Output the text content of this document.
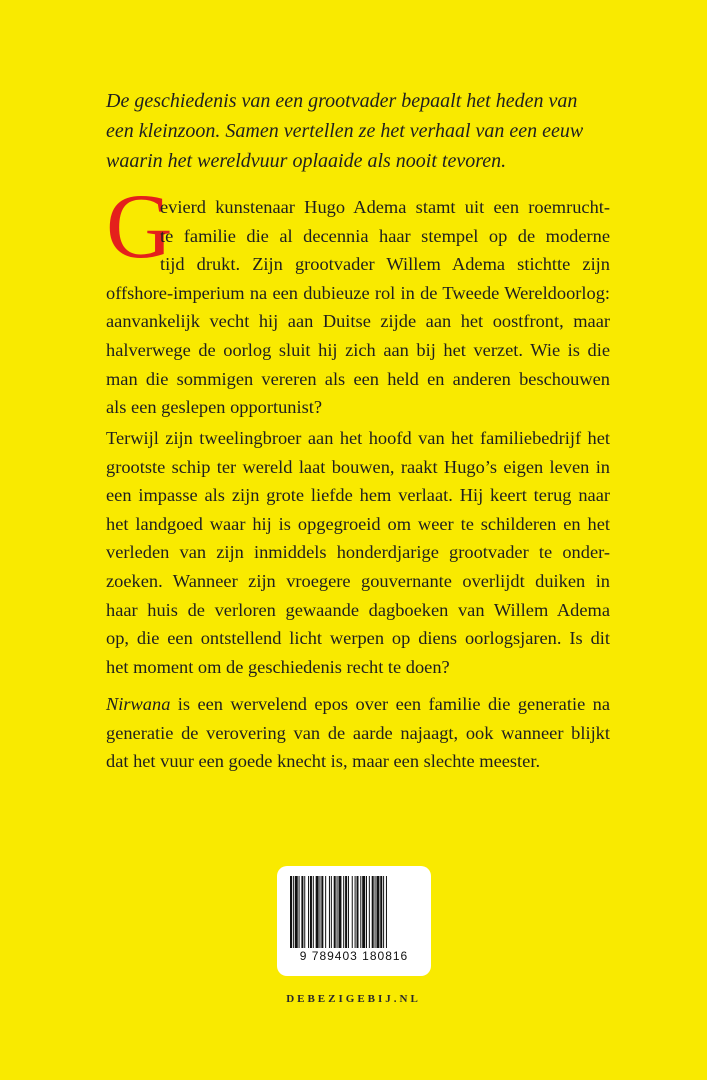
De geschiedenis van een grootvader bepaalt het heden van
een kleinzoon. Samen vertellen ze het verhaal van een eeuw
waarin het wereldvuur oplaaide als nooit tevoren.

G

evierd kunstenaar Hugo Adema stamt uit een roemrucht-
te familie die al decennia haar stempel op de moderne
tijd drukt. Zijn grootvader Willem Adema stichtte zijn
offshore-imperium na een dubieuze rol in de Tweede Wereldoorlog:
aanvankelijk vecht hij aan Duitse zijde aan het oostfront, maar
halverwege de oorlog sluit hij zich aan bij het verzet. Wie is die
man die sommigen vereren als een held en anderen beschouwen
als een geslepen opportunist?

Terwijl zijn tweelingbroer aan het hoofd van het familiebedrijf het
grootste schip ter wereld laat bouwen, raakt Hugo’s eigen leven in
een impasse als zijn grote liefde hem verlaat. Hij keert terug naar
het landgoed waar hij is opgegroeid om weer te schilderen en het
verleden van zijn inmiddels honderdjarige grootvader te onder-
zoeken. Wanneer zijn vroegere gouvernante overlijdt duiken in
haar huis de verloren gewaande dagboeken van Willem Adema
op, die een ontstellend licht werpen op diens oorlogsjaren. Is dit
het moment om de geschiedenis recht te doen?

Nirwana is een wervelend epos over een familie die generatie na
generatie de verovering van de aarde najaagt, ook wanneer blijkt
dat het vuur een goede knecht is, maar een slechte meester.

9 789403 180816
DEBEZIGEBIJ.NL
